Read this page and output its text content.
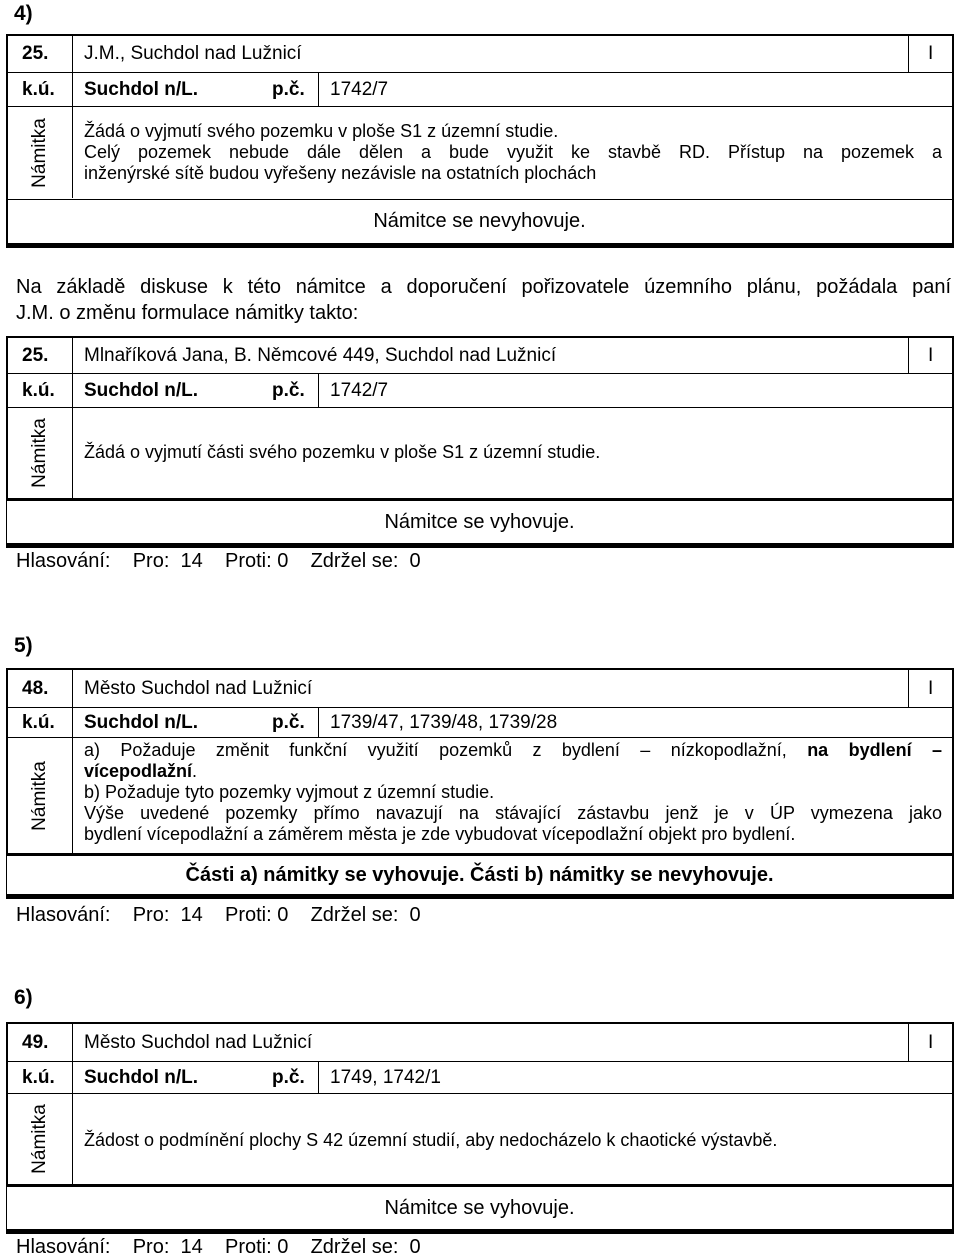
4)
25. J.M., Suchdol nad Lužnicí	I
k.ú. Suchdol n/L.	p.č. 1742/7
Námitka Žádá o vyjmutí svého pozemku v ploše S1 z územní studie.
Celý pozemek nebude dále dělen a bude využit ke stavbě RD. Přístup na pozemek a
inženýrské sítě budou vyřešeny nezávisle na ostatních plochách
Námitce se nevyhovuje.
Na základě diskuse k této námitce a doporučení pořizovatele územního plánu, požádala paní
J.M. o změnu formulace námitky takto:
25. Mlnaříková Jana, B. Němcové 449, Suchdol nad Lužnicí	I
k.ú. Suchdol n/L.	p.č. 1742/7
Námitka Žádá o vyjmutí části svého pozemku v ploše S1 z územní studie.
Námitce se vyhovuje.
Hlasování:    Pro:  14    Proti: 0    Zdržel se:  0
5)
48. Město Suchdol nad Lužnicí	I
k.ú. Suchdol n/L.	p.č. 1739/47, 1739/48, 1739/28
Námitka
a) Požaduje změnit funkční využití pozemků z bydlení – nízkopodlažní, na bydlení –
vícepodlažní.
b) Požaduje tyto pozemky vyjmout z územní studie.
Výše uvedené pozemky přímo navazují na stávající zástavbu jenž je v ÚP vymezena jako
bydlení vícepodlažní a záměrem města je zde vybudovat vícepodlažní objekt pro bydlení.
Části a) námitky se vyhovuje. Části b) námitky se nevyhovuje.
Hlasování:    Pro:  14    Proti: 0    Zdržel se:  0
6)
49. Město Suchdol nad Lužnicí	I
k.ú. Suchdol n/L.	p.č. 1749, 1742/1
Námitka Žádost o podmínění plochy S 42 územní studií, aby nedocházelo k chaotické výstavbě.
Námitce se vyhovuje.
Hlasování:    Pro:  14    Proti: 0    Zdržel se:  0
